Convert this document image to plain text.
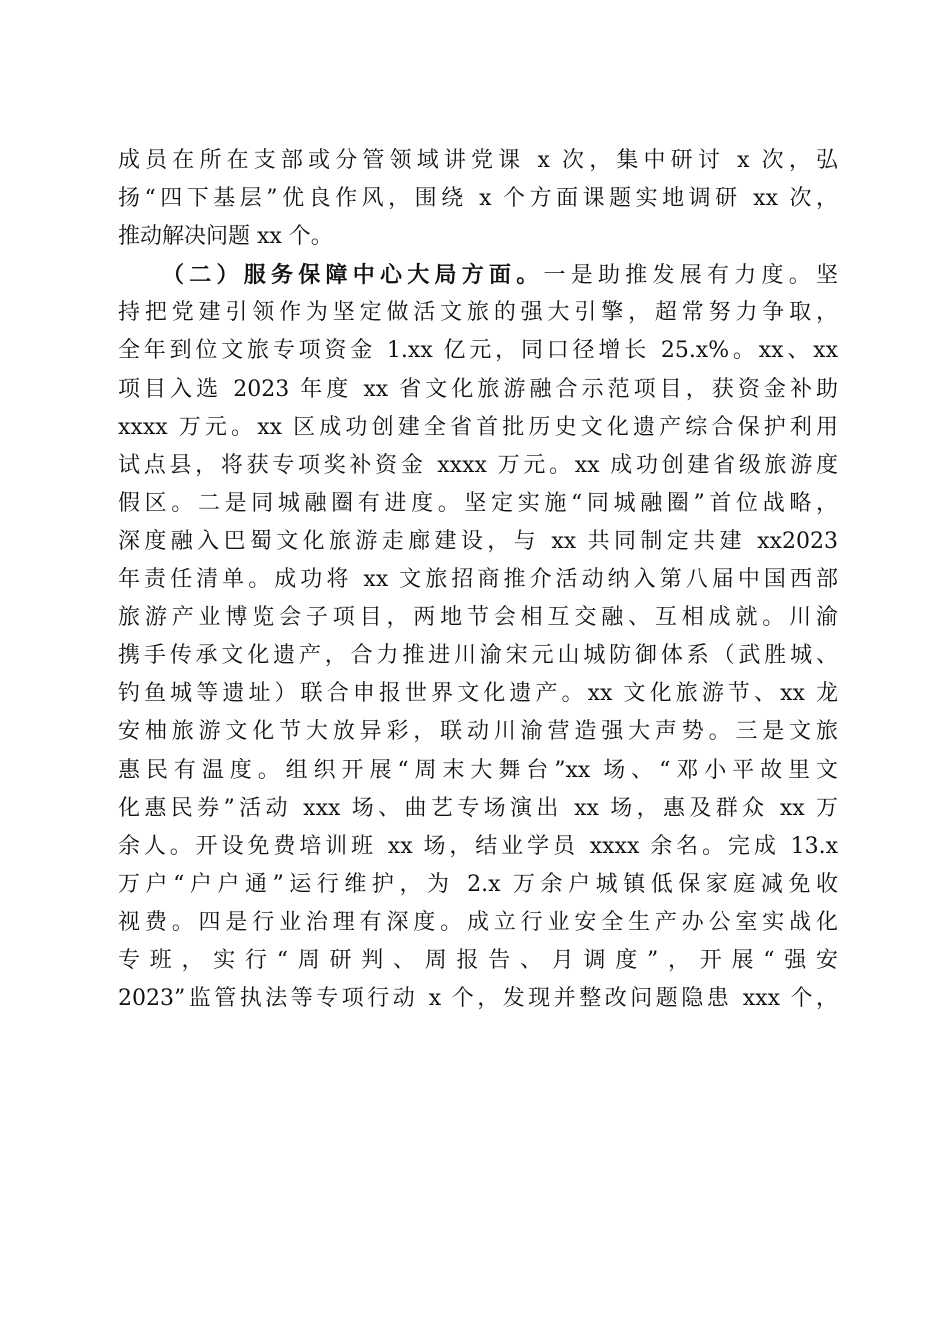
成员在所在支部或分管领域讲党课 x 次，集中研讨 x 次，弘
扬“四下基层”优良作风，围绕 x 个方面课题实地调研 xx 次，
推动解决问题 xx 个。
（二）服务保障中心大局方面。一是助推发展有力度。坚
持把党建引领作为坚定做活文旅的强大引擎，超常努力争取，
全年到位文旅专项资金 1.xx 亿元，同口径增长 25.x%。xx、xx
项目入选 2023 年度 xx 省文化旅游融合示范项目，获资金补助
xxxx 万元。xx 区成功创建全省首批历史文化遗产综合保护利用
试点县，将获专项奖补资金 xxxx 万元。xx 成功创建省级旅游度
假区。二是同城融圈有进度。坚定实施“同城融圈”首位战略，
深度融入巴蜀文化旅游走廊建设，与 xx 共同制定共建 xx2023
年责任清单。成功将 xx 文旅招商推介活动纳入第八届中国西部
旅游产业博览会子项目，两地节会相互交融、互相成就。川渝
携手传承文化遗产，合力推进川渝宋元山城防御体系（武胜城、
钓鱼城等遗址）联合申报世界文化遗产。xx 文化旅游节、xx 龙
安柚旅游文化节大放异彩，联动川渝营造强大声势。三是文旅
惠民有温度。组织开展“周末大舞台”xx 场、“邓小平故里文
化惠民券”活动 xxx 场、曲艺专场演出 xx 场，惠及群众 xx 万
余人。开设免费培训班 xx 场，结业学员 xxxx 余名。完成 13.x
万户“户户通”运行维护，为 2.x 万余户城镇低保家庭减免收
视费。四是行业治理有深度。成立行业安全生产办公室实战化
专班，实行“周研判、周报告、月调度”，开展“强安
2023”监管执法等专项行动 x 个，发现并整改问题隐患 xxx 个，
